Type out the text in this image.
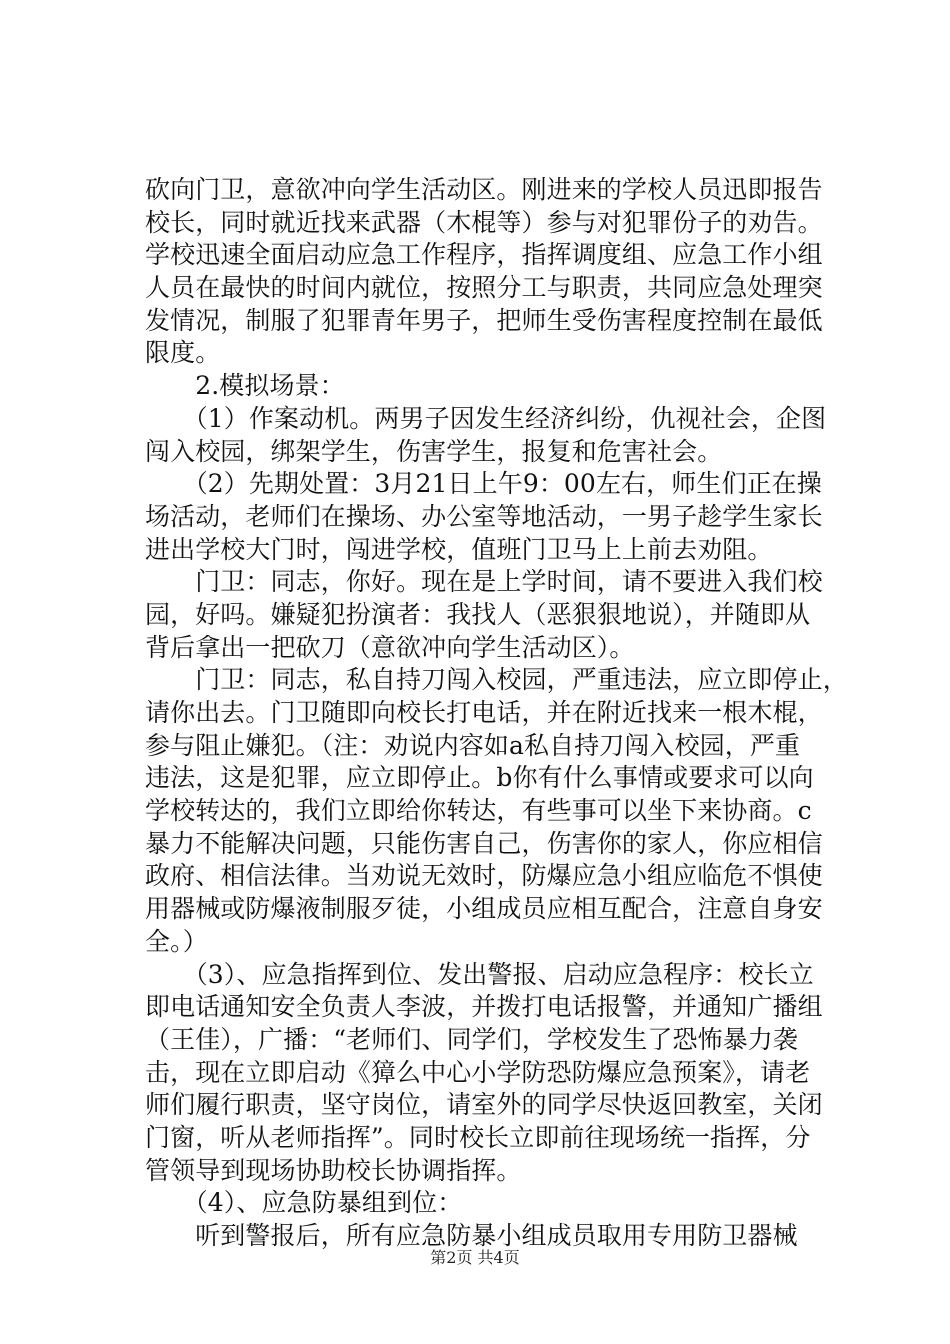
砍向门卫，意欲冲向学生活动区。刚进来的学校人员迅即报告
校长，同时就近找来武器（木棍等）参与对犯罪份子的劝告。
学校迅速全面启动应急工作程序，指挥调度组、应急工作小组
人员在最快的时间内就位，按照分工与职责，共同应急处理突
发情况，制服了犯罪青年男子，把师生受伤害程度控制在最低
限度。
　　2.模拟场景：
　　（1）作案动机。两男子因发生经济纠纷，仇视社会，企图
闯入校园，绑架学生，伤害学生，报复和危害社会。
　　（2）先期处置：3月21日上午9：00左右，师生们正在操
场活动，老师们在操场、办公室等地活动，一男子趁学生家长
进出学校大门时，闯进学校，值班门卫马上上前去劝阻。
　　门卫：同志，你好。现在是上学时间，请不要进入我们校
园，好吗。嫌疑犯扮演者：我找人（恶狠狠地说），并随即从
背后拿出一把砍刀（意欲冲向学生活动区）。
　　门卫：同志，私自持刀闯入校园，严重违法，应立即停止，
请你出去。门卫随即向校长打电话，并在附近找来一根木棍，
参与阻止嫌犯。（注：劝说内容如a私自持刀闯入校园，严重
违法，这是犯罪，应立即停止。b你有什么事情或要求可以向
学校转达的，我们立即给你转达，有些事可以坐下来协商。c
暴力不能解决问题，只能伤害自己，伤害你的家人，你应相信
政府、相信法律。当劝说无效时，防爆应急小组应临危不惧使
用器械或防爆液制服歹徒，小组成员应相互配合，注意自身安
全。）
　　（3）、应急指挥到位、发出警报、启动应急程序：校长立
即电话通知安全负责人李波，并拨打电话报警，并通知广播组
（王佳），广播：“老师们、同学们，学校发生了恐怖暴力袭
击，现在立即启动《獐么中心小学防恐防爆应急预案》，请老
师们履行职责，坚守岗位，请室外的同学尽快返回教室，关闭
门窗，听从老师指挥”。同时校长立即前往现场统一指挥，分
管领导到现场协助校长协调指挥。
　　（4）、应急防暴组到位：
　　听到警报后，所有应急防暴小组成员取用专用防卫器械
第2页 共4页
